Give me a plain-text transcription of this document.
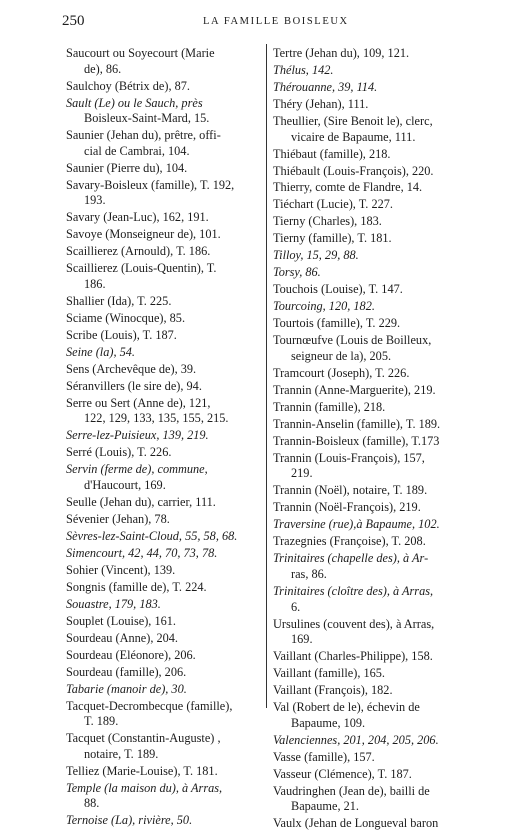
250	LA FAMILLE BOISLEUX
Saucourt ou Soyecourt (Marie
de), 86.
Saulchoy (Bétrix de), 87.
Sault (Le) ou le Sauch, près
Boisleux-Saint-Mard, 15.
Saunier (Jehan du), prêtre, offi-
cial de Cambrai, 104.
Saunier (Pierre du), 104.
Savary-Boisleux (famille), T. 192,
193.
Savary (Jean-Luc), 162, 191.
Savoye (Monseigneur de), 101.
Scaillierez (Arnould), T. 186.
Scaillierez (Louis-Quentin), T.
186.
Shallier (Ida), T. 225.
Sciame (Winocque), 85.
Scribe (Louis), T. 187.
Seine (la), 54.
Sens (Archevêque de), 39.
Séranvillers (le sire de), 94.
Serre ou Sert (Anne de), 121,
122, 129, 133, 135, 155, 215.
Serre-lez-Puisieux, 139, 219.
Serré (Louis), T. 226.
Servin (ferme de), commune,
d'Haucourt, 169.
Seulle (Jehan du), carrier, 111.
Sévenier (Jehan), 78.
Sèvres-lez-Saint-Cloud, 55, 58, 68.
Simencourt, 42, 44, 70, 73, 78.
Sohier (Vincent), 139.
Songnis (famille de), T. 224.
Souastre, 179, 183.
Souplet (Louise), 161.
Sourdeau (Anne), 204.
Sourdeau (Eléonore), 206.
Sourdeau (famille), 206.
Tabarie (manoir de), 30.
Tacquet-Decrombecque (famille),
T. 189.
Tacquet (Constantin-Auguste) ,
notaire, T. 189.
Telliez (Marie-Louise), T. 181.
Temple (la maison du), à Arras,
88.
Ternoise (La), rivière, 50.
Tertre (Jehan du), 109, 121.
Thélus, 142.
Thérouanne, 39, 114.
Théry (Jehan), 111.
Theullier, (Sire Benoit le), clerc,
vicaire de Bapaume, 111.
Thiébaut (famille), 218.
Thiébault (Louis-François), 220.
Thierry, comte de Flandre, 14.
Tiéchart (Lucie), T. 227.
Tierny (Charles), 183.
Tierny (famille), T. 181.
Tilloy, 15, 29, 88.
Torsy, 86.
Touchois (Louise), T. 147.
Tourcoing, 120, 182.
Tourtois (famille), T. 229.
Tournœufve (Louis de Boilleux,
seigneur de la), 205.
Tramcourt (Joseph), T. 226.
Trannin (Anne-Marguerite), 219.
Trannin (famille), 218.
Trannin-Anselin (famille), T. 189.
Trannin-Boisleux (famille), T.173
Trannin (Louis-François), 157,
219.
Trannin (Noël), notaire, T. 189.
Trannin (Noël-François), 219.
Traversine (rue),à Bapaume, 102.
Trazegnies (Françoise), T. 208.
Trinitaires (chapelle des), à Ar-
ras, 86.
Trinitaires (cloître des), à Arras,
6.
Ursulines (couvent des), à Arras,
169.
Vaillant (Charles-Philippe), 158.
Vaillant (famille), 165.
Vaillant (François), 182.
Val (Robert de le), échevin de
Bapaume, 109.
Valenciennes, 201, 204, 205, 206.
Vasse (famille), 157.
Vasseur (Clémence), T. 187.
Vaudringhen (Jean de), bailli de
Bapaume, 21.
Vaulx (Jehan de Longueval baron
